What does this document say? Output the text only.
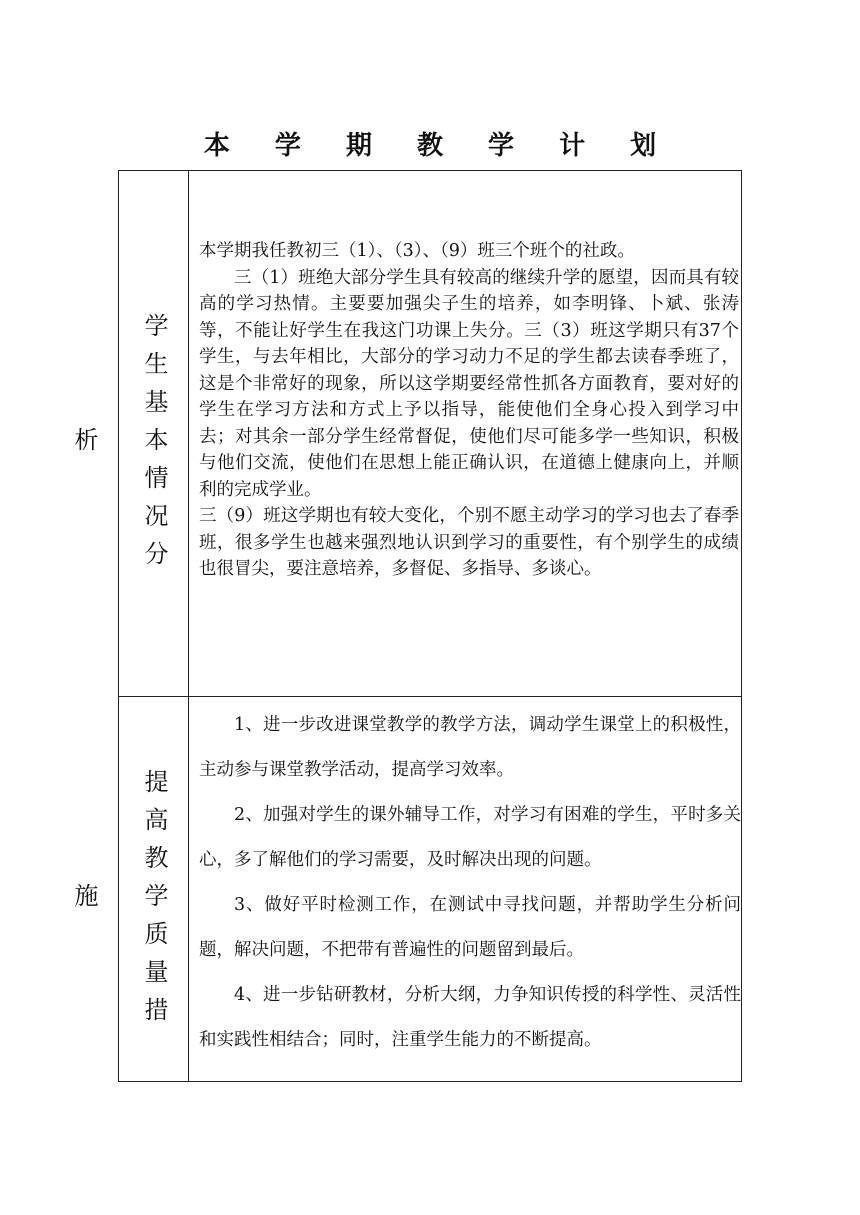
本 学 期 教 学 计 划
学生基本情况分析

本学期我任教初三（1）、（3）、（9）班三个班个的社政。

三（1）班绝大部分学生具有较高的继续升学的愿望，因而具有较高的学习热情。主要要加强尖子生的培养，如李明锋、卜斌、张涛等，不能让好学生在我这门功课上失分。三（3）班这学期只有37个学生，与去年相比，大部分的学习动力不足的学生都去读春季班了，这是个非常好的现象，所以这学期要经常性抓各方面教育，要对好的学生在学习方法和方式上予以指导，能使他们全身心投入到学习中去；对其余一部分学生经常督促，使他们尽可能多学一些知识，积极与他们交流，使他们在思想上能正确认识，在道德上健康向上，并顺利的完成学业。

三（9）班这学期也有较大变化，个别不愿主动学习的学习也去了春季班，很多学生也越来强烈地认识到学习的重要性，有个别学生的成绩也很冒尖，要注意培养，多督促、多指导、多谈心。

提高教学质量措施

1、进一步改进课堂教学的教学方法，调动学生课堂上的积极性，主动参与课堂教学活动，提高学习效率。

2、加强对学生的课外辅导工作，对学习有困难的学生，平时多关心，多了解他们的学习需要，及时解决出现的问题。

3、做好平时检测工作，在测试中寻找问题，并帮助学生分析问题，解决问题，不把带有普遍性的问题留到最后。

4、进一步钻研教材，分析大纲，力争知识传授的科学性、灵活性和实践性相结合；同时，注重学生能力的不断提高。
